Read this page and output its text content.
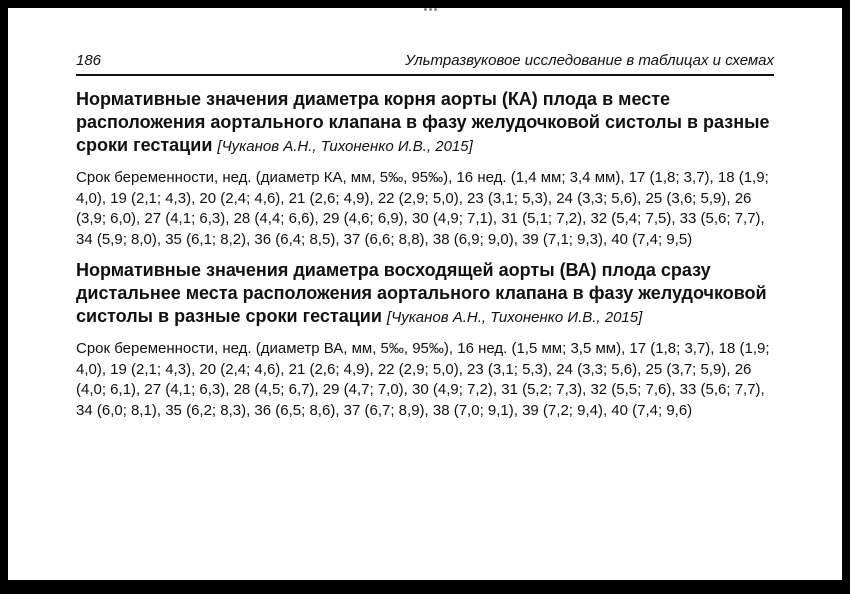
186	Ультразвуковое исследование в таблицах и схемах
Нормативные значения диаметра корня аорты (КА) плода в месте расположения аортального клапана в фазу желудочковой систолы в разные сроки гестации [Чуканов А.Н., Тихоненко И.В., 2015]

Срок беременности, нед. (диаметр КА, мм, 5‰, 95‰), 16 нед. (1,4 мм; 3,4 мм), 17 (1,8; 3,7), 18 (1,9; 4,0), 19 (2,1; 4,3), 20 (2,4; 4,6), 21 (2,6; 4,9), 22 (2,9; 5,0), 23 (3,1; 5,3), 24 (3,3; 5,6), 25 (3,6; 5,9), 26 (3,9; 6,0), 27 (4,1; 6,3), 28 (4,4; 6,6), 29 (4,6; 6,9), 30 (4,9; 7,1), 31 (5,1; 7,2), 32 (5,4; 7,5), 33 (5,6; 7,7), 34 (5,9; 8,0), 35 (6,1; 8,2), 36 (6,4; 8,5), 37 (6,6; 8,8), 38 (6,9; 9,0), 39 (7,1; 9,3), 40 (7,4; 9,5)

Нормативные значения диаметра восходящей аорты (ВА) плода сразу дистальнее места расположения аортального клапана в фазу желудочковой систолы в разные сроки гестации [Чуканов А.Н., Тихоненко И.В., 2015]

Срок беременности, нед. (диаметр ВА, мм, 5‰, 95‰), 16 нед. (1,5 мм; 3,5 мм), 17 (1,8; 3,7), 18 (1,9; 4,0), 19 (2,1; 4,3), 20 (2,4; 4,6), 21 (2,6; 4,9), 22 (2,9; 5,0), 23 (3,1; 5,3), 24 (3,3; 5,6), 25 (3,7; 5,9), 26 (4,0; 6,1), 27 (4,1; 6,3), 28 (4,5; 6,7), 29 (4,7; 7,0), 30 (4,9; 7,2), 31 (5,2; 7,3), 32 (5,5; 7,6), 33 (5,6; 7,7), 34 (6,0; 8,1), 35 (6,2; 8,3), 36 (6,5; 8,6), 37 (6,7; 8,9), 38 (7,0; 9,1), 39 (7,2; 9,4), 40 (7,4; 9,6)
